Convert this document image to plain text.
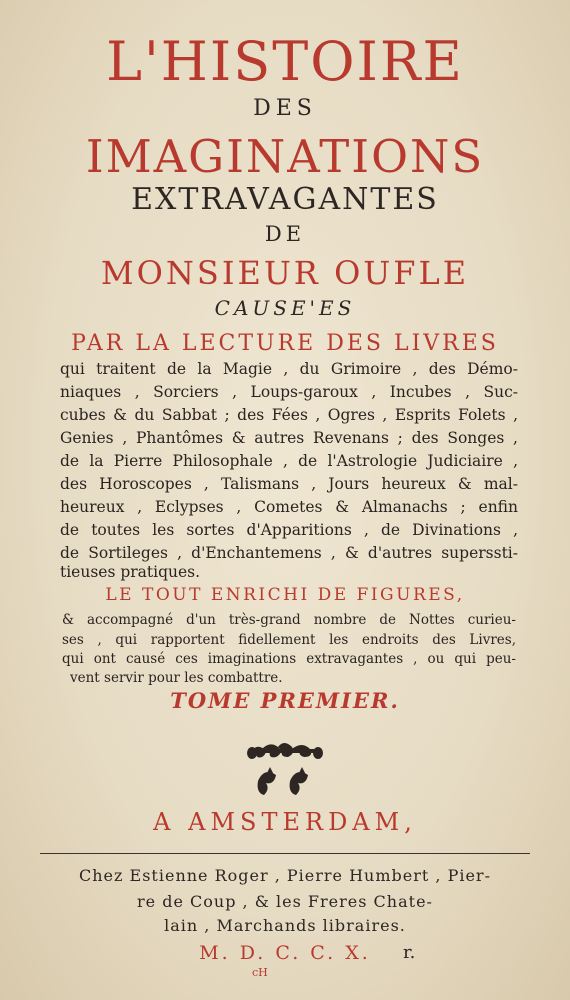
L'HISTOIRE
DES
IMAGINATIONS
EXTRAVAGANTES
DE
MONSIEUR OUFLE
CAUSE'ES
PAR LA LECTURE DES LIVRES
qui traitent de la Magie , du Grimoire , des Démo-
niaques , Sorciers , Loups-garoux , Incubes , Suc-
cubes & du Sabbat ; des Fées , Ogres , Esprits Folets ,
Genies , Phantômes & autres Revenans ; des Songes ,
de la Pierre Philosophale , de l'Astrologie Judiciaire ,
des Horoscopes , Talismans , Jours heureux & mal-
heureux , Eclypses , Cometes & Almanachs ; enfin
de toutes les sortes d'Apparitions , de Divinations ,
de Sortileges , d'Enchantemens , & d'autres superssti-
tieuses pratiques.
LE TOUT ENRICHI DE FIGURES,
& accompagné d'un très-grand nombre de Nottes curieu-
ses , qui rapportent fidellement les endroits des Livres,
qui ont causé ces imaginations extravagantes , ou qui peu-
vent servir pour les combattre.
TOME PREMIER.
A AMSTERDAM,
Chez Estienne Roger , Pierre Humbert , Pier-
re de Coup , & les Freres Chate-
lain , Marchands libraires.
M. D. C. C. X.	r.
cH
